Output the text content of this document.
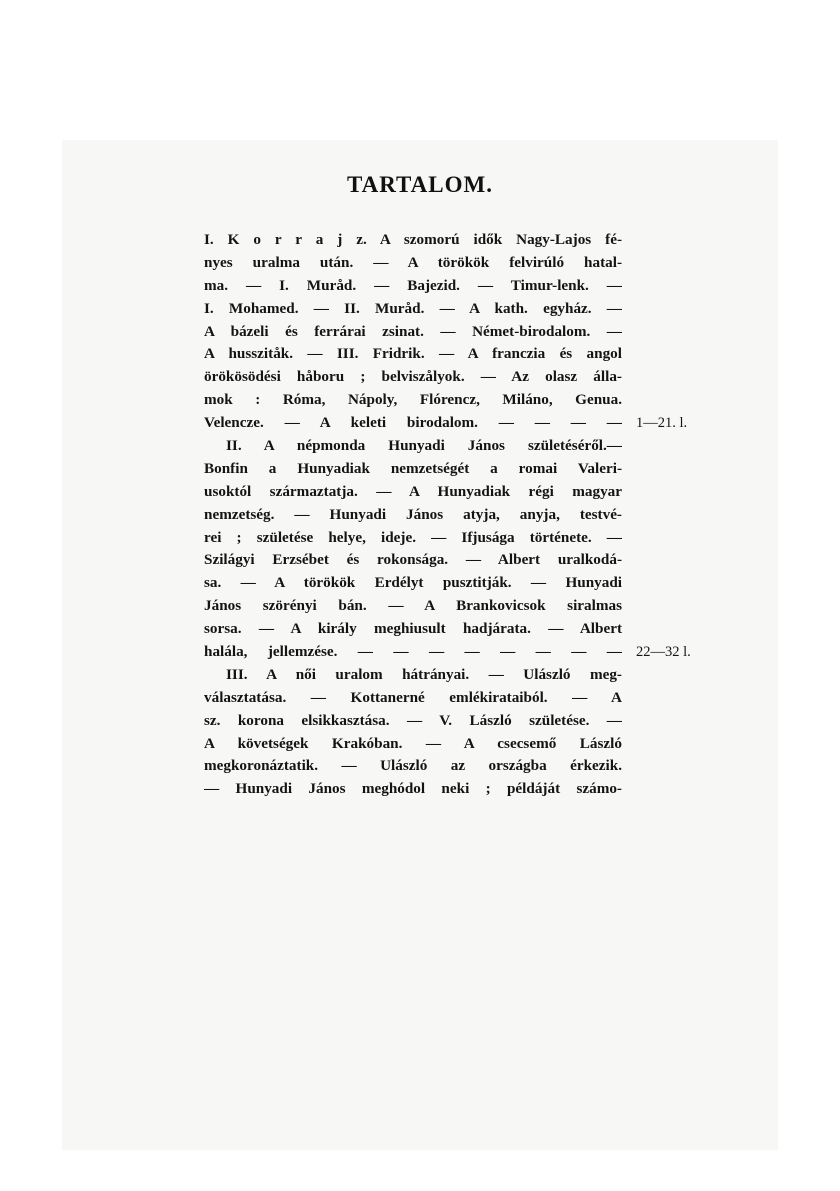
TARTALOM.
I. K o r r a j z. A szomorú idők Nagy-Lajos fé-
nyes uralma után. — A törökök felvirúló hatal-
ma. — I. Muråd. — Bajezid. — Timur-lenk. —
I. Mohamed. — II. Muråd. — A kath. egyház. —
A bázeli és ferrárai zsinat. — Német-birodalom. —
A husszitåk. — III. Fridrik. — A franczia és angol
örökösödési håboru ; belviszålyok. — Az olasz álla-
mok : Róma, Nápoly, Flórencz, Miláno, Genua.
Velencze. — A keleti birodalom. — — — — 1—21. l.
II. A népmonda Hunyadi János születéséről.—
Bonfin a Hunyadiak nemzetségét a romai Valeri-
usoktól származtatja. — A Hunyadiak régi magyar
nemzetség. — Hunyadi János atyja, anyja, testvé-
rei ; születése helye, ideje. — Ifjusága története. —
Szilágyi Erzsébet és rokonsága. — Albert uralkodá-
sa. — A törökök Erdélyt pusztitják. — Hunyadi
János szörényi bán. — A Brankovicsok siralmas
sorsa. — A király meghiusult hadjárata. — Albert
halála, jellemzése. — — — — — — — — 22—32 l.
III. A női uralom hátrányai. — Ulászló meg-
választatása. — Kottanerné emlékirataiból. — A
sz. korona elsikkasztása. — V. László születése. —
A követségek Krakóban. — A csecsemő László
megkoronáztatik. — Ulászló az országba érkezik.
— Hunyadi János meghódol neki ; példáját számo-
